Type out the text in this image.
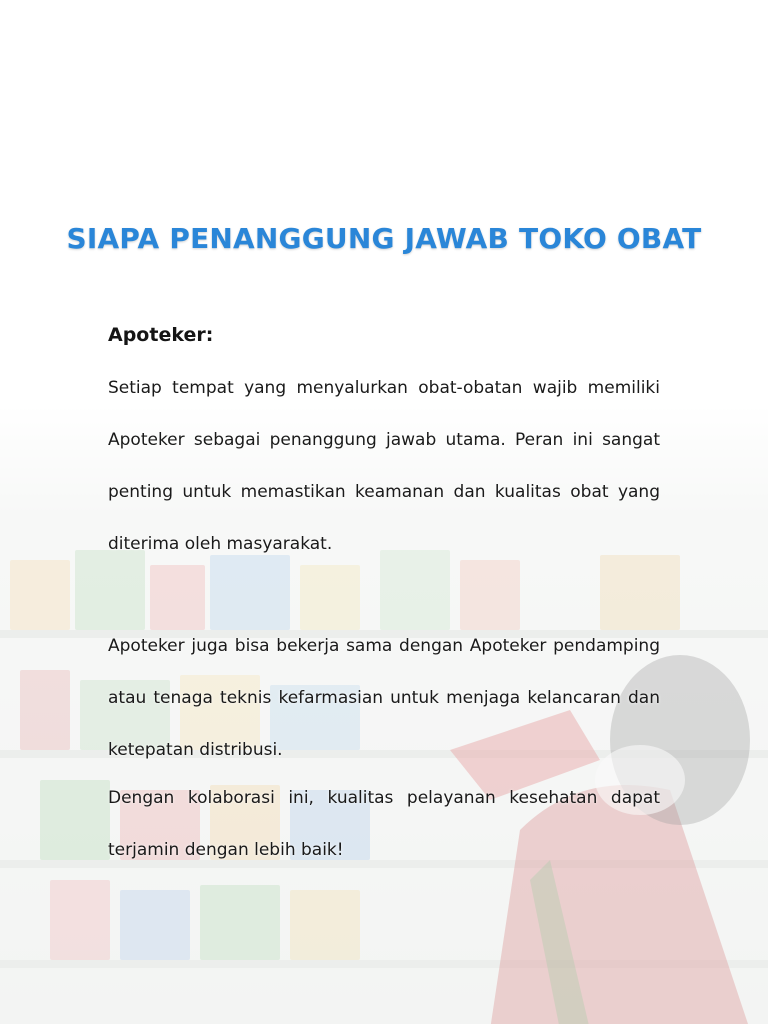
SIAPA PENANGGUNG JAWAB TOKO OBAT
Apoteker:

Setiap tempat yang menyalurkan obat-obatan wajib memiliki Apoteker sebagai penanggung jawab utama. Peran ini sangat penting untuk memastikan keamanan dan kualitas obat yang diterima oleh masyarakat.

Apoteker juga bisa bekerja sama dengan Apoteker pendamping atau tenaga teknis kefarmasian untuk menjaga kelancaran dan ketepatan distribusi.

Dengan kolaborasi ini, kualitas pelayanan kesehatan dapat terjamin dengan lebih baik!
